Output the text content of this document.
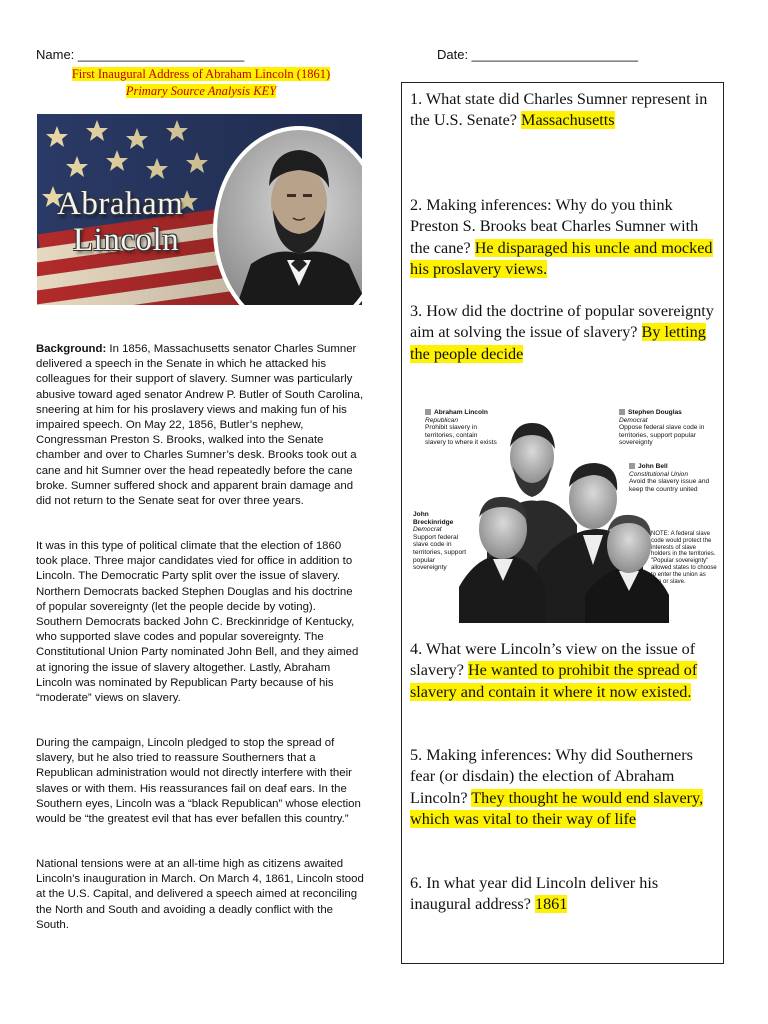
Name: _______________________	Date: _______________________
First Inaugural Address of Abraham Lincoln (1861)
Primary Source Analysis KEY
Abraham
Lincoln

Background: In 1856, Massachusetts senator Charles Sumner delivered a speech in the Senate in which he attacked his colleagues for their support of slavery. Sumner was particularly abusive toward aged senator Andrew P. Butler of South Carolina, sneering at him for his proslavery views and making fun of his impaired speech. On May 22, 1856, Butler’s nephew, Congressman Preston S. Brooks, walked into the Senate chamber and over to Charles Sumner’s desk. Brooks took out a cane and hit Sumner over the head repeatedly before the cane broke. Sumner suffered shock and apparent brain damage and did not return to the Senate seat for over three years.

It was in this type of political climate that the election of 1860 took place. Three major candidates vied for office in addition to Lincoln. The Democratic Party split over the issue of slavery. Northern Democrats backed Stephen Douglas and his doctrine of popular sovereignty (let the people decide by voting). Southern Democrats backed John C. Breckinridge of Kentucky, who supported slave codes and popular sovereignty. The Constitutional Union Party nominated John Bell, and they aimed at ignoring the issue of slavery altogether. Lastly, Abraham Lincoln was nominated by Republican Party because of his “moderate” views on slavery.

During the campaign, Lincoln pledged to stop the spread of slavery, but he also tried to reassure Southerners that a Republican administration would not directly interfere with their slaves or with them. His reassurances fail on deaf ears. In the Southern eyes, Lincoln was a “black Republican” whose election would be “the greatest evil that has ever befallen this country.”

National tensions were at an all-time high as citizens awaited Lincoln’s inauguration in March. On March 4, 1861, Lincoln stood at the U.S. Capital, and delivered a speech aimed at reconciling the North and South and avoiding a deadly conflict with the South.

1. What state did Charles Sumner represent in the U.S. Senate? Massachusetts
2. Making inferences: Why do you think Preston S. Brooks beat Charles Sumner with the cane? He disparaged his uncle and mocked his proslavery views.
3. How did the doctrine of popular sovereignty aim at solving the issue of slavery? By letting the people decide
Abraham Lincoln
Republican
Prohibit slavery in territories, contain slavery to where it exists
Stephen Douglas
Democrat
Oppose federal slave code in territories, support popular sovereignty
John Bell
Constitutional Union
Avoid the slavery issue and keep the country united
John Breckinridge
Democrat
Support federal slave code in territories, support popular sovereignty
NOTE: A federal slave code would protect the interests of slave holders in the territories. "Popular sovereignty" allowed states to choose to enter the union as free or slave.
4. What were Lincoln’s view on the issue of slavery? He wanted to prohibit the spread of slavery and contain it where it now existed.
5. Making inferences: Why did Southerners fear (or disdain) the election of Abraham Lincoln? They thought he would end slavery, which was vital to their way of life
6. In what year did Lincoln deliver his inaugural address? 1861
